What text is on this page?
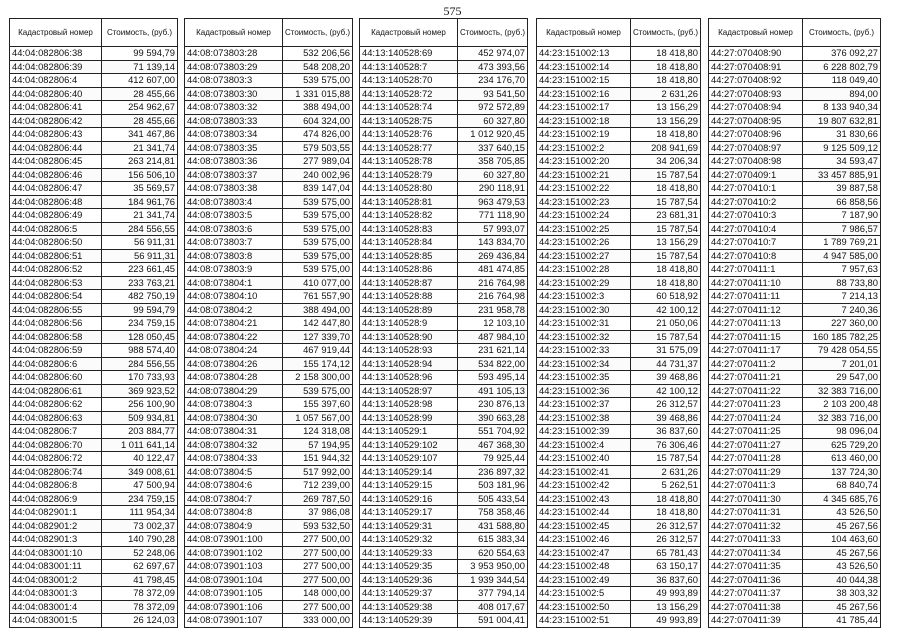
575
Кадастровый номер	Стоимость, (руб.)
44:04:082806:38	99 594,79
44:04:082806:39	71 139,14
44:04:082806:4	412 607,00
44:04:082806:40	28 455,66
44:04:082806:41	254 962,67
44:04:082806:42	28 455,66
44:04:082806:43	341 467,86
44:04:082806:44	21 341,74
44:04:082806:45	263 214,81
44:04:082806:46	156 506,10
44:04:082806:47	35 569,57
44:04:082806:48	184 961,76
44:04:082806:49	21 341,74
44:04:082806:5	284 556,55
44:04:082806:50	56 911,31
44:04:082806:51	56 911,31
44:04:082806:52	223 661,45
44:04:082806:53	233 763,21
44:04:082806:54	482 750,19
44:04:082806:55	99 594,79
44:04:082806:56	234 759,15
44:04:082806:58	128 050,45
44:04:082806:59	988 574,40
44:04:082806:6	284 556,55
44:04:082806:60	170 733,93
44:04:082806:61	369 923,52
44:04:082806:62	256 100,90
44:04:082806:63	509 934,81
44:04:082806:7	203 884,77
44:04:082806:70	1 011 641,14
44:04:082806:72	40 122,47
44:04:082806:74	349 008,61
44:04:082806:8	47 500,94
44:04:082806:9	234 759,15
44:04:082901:1	111 954,34
44:04:082901:2	73 002,37
44:04:082901:3	140 790,28
44:04:083001:10	52 248,06
44:04:083001:11	62 697,67
44:04:083001:2	41 798,45
44:04:083001:3	78 372,09
44:04:083001:4	78 372,09
44:04:083001:5	26 124,03
Кадастровый номер	Стоимость, (руб.)
44:08:073803:28	532 206,56
44:08:073803:29	548 208,20
44:08:073803:3	539 575,00
44:08:073803:30	1 331 015,88
44:08:073803:32	388 494,00
44:08:073803:33	604 324,00
44:08:073803:34	474 826,00
44:08:073803:35	579 503,55
44:08:073803:36	277 989,04
44:08:073803:37	240 002,96
44:08:073803:38	839 147,04
44:08:073803:4	539 575,00
44:08:073803:5	539 575,00
44:08:073803:6	539 575,00
44:08:073803:7	539 575,00
44:08:073803:8	539 575,00
44:08:073803:9	539 575,00
44:08:073804:1	410 077,00
44:08:073804:10	761 557,90
44:08:073804:2	388 494,00
44:08:073804:21	142 447,80
44:08:073804:22	127 339,70
44:08:073804:24	467 919,44
44:08:073804:26	155 174,12
44:08:073804:28	2 158 300,00
44:08:073804:29	539 575,00
44:08:073804:3	155 397,60
44:08:073804:30	1 057 567,00
44:08:073804:31	124 318,08
44:08:073804:32	57 194,95
44:08:073804:33	151 944,32
44:08:073804:5	517 992,00
44:08:073804:6	712 239,00
44:08:073804:7	269 787,50
44:08:073804:8	37 986,08
44:08:073804:9	593 532,50
44:08:073901:100	277 500,00
44:08:073901:102	277 500,00
44:08:073901:103	277 500,00
44:08:073901:104	277 500,00
44:08:073901:105	148 000,00
44:08:073901:106	277 500,00
44:08:073901:107	333 000,00
Кадастровый номер	Стоимость, (руб.)
44:13:140528:69	452 974,07
44:13:140528:7	473 393,56
44:13:140528:70	234 176,70
44:13:140528:72	93 541,50
44:13:140528:74	972 572,89
44:13:140528:75	60 327,80
44:13:140528:76	1 012 920,45
44:13:140528:77	337 640,15
44:13:140528:78	358 705,85
44:13:140528:79	60 327,80
44:13:140528:80	290 118,91
44:13:140528:81	963 479,53
44:13:140528:82	771 118,90
44:13:140528:83	57 993,07
44:13:140528:84	143 834,70
44:13:140528:85	269 436,84
44:13:140528:86	481 474,85
44:13:140528:87	216 764,98
44:13:140528:88	216 764,98
44:13:140528:89	231 958,78
44:13:140528:9	12 103,10
44:13:140528:90	487 984,10
44:13:140528:93	231 621,14
44:13:140528:94	534 822,00
44:13:140528:96	593 495,14
44:13:140528:97	491 105,13
44:13:140528:98	230 876,13
44:13:140528:99	390 663,28
44:13:140529:1	551 704,92
44:13:140529:102	467 368,30
44:13:140529:107	79 925,44
44:13:140529:14	236 897,32
44:13:140529:15	503 181,96
44:13:140529:16	505 433,54
44:13:140529:17	758 358,46
44:13:140529:31	431 588,80
44:13:140529:32	615 383,34
44:13:140529:33	620 554,63
44:13:140529:35	3 953 950,00
44:13:140529:36	1 939 344,54
44:13:140529:37	377 794,14
44:13:140529:38	408 017,67
44:13:140529:39	591 004,41
Кадастровый номер	Стоимость, (руб.)
44:23:151002:13	18 418,80
44:23:151002:14	18 418,80
44:23:151002:15	18 418,80
44:23:151002:16	2 631,26
44:23:151002:17	13 156,29
44:23:151002:18	13 156,29
44:23:151002:19	18 418,80
44:23:151002:2	208 941,69
44:23:151002:20	34 206,34
44:23:151002:21	15 787,54
44:23:151002:22	18 418,80
44:23:151002:23	15 787,54
44:23:151002:24	23 681,31
44:23:151002:25	15 787,54
44:23:151002:26	13 156,29
44:23:151002:27	15 787,54
44:23:151002:28	18 418,80
44:23:151002:29	18 418,80
44:23:151002:3	60 518,92
44:23:151002:30	42 100,12
44:23:151002:31	21 050,06
44:23:151002:32	15 787,54
44:23:151002:33	31 575,09
44:23:151002:34	44 731,37
44:23:151002:35	39 468,86
44:23:151002:36	42 100,12
44:23:151002:37	26 312,57
44:23:151002:38	39 468,86
44:23:151002:39	36 837,60
44:23:151002:4	76 306,46
44:23:151002:40	15 787,54
44:23:151002:41	2 631,26
44:23:151002:42	5 262,51
44:23:151002:43	18 418,80
44:23:151002:44	18 418,80
44:23:151002:45	26 312,57
44:23:151002:46	26 312,57
44:23:151002:47	65 781,43
44:23:151002:48	63 150,17
44:23:151002:49	36 837,60
44:23:151002:5	49 993,89
44:23:151002:50	13 156,29
44:23:151002:51	49 993,89
Кадастровый номер	Стоимость, (руб.)
44:27:070408:90	376 092,27
44:27:070408:91	6 228 802,79
44:27:070408:92	118 049,40
44:27:070408:93	894,00
44:27:070408:94	8 133 940,34
44:27:070408:95	19 807 632,81
44:27:070408:96	31 830,66
44:27:070408:97	9 125 509,12
44:27:070408:98	34 593,47
44:27:070409:1	33 457 885,91
44:27:070410:1	39 887,58
44:27:070410:2	66 858,56
44:27:070410:3	7 187,90
44:27:070410:4	7 986,57
44:27:070410:7	1 789 769,21
44:27:070410:8	4 947 585,00
44:27:070411:1	7 957,63
44:27:070411:10	88 733,80
44:27:070411:11	7 214,13
44:27:070411:12	7 240,36
44:27:070411:13	227 360,00
44:27:070411:15	160 185 782,25
44:27:070411:17	79 428 054,55
44:27:070411:2	7 201,01
44:27:070411:21	29 547,00
44:27:070411:22	32 383 716,00
44:27:070411:23	2 103 200,48
44:27:070411:24	32 383 716,00
44:27:070411:25	98 096,04
44:27:070411:27	625 729,20
44:27:070411:28	613 460,00
44:27:070411:29	137 724,30
44:27:070411:3	68 840,74
44:27:070411:30	4 345 685,76
44:27:070411:31	43 526,50
44:27:070411:32	45 267,56
44:27:070411:33	104 463,60
44:27:070411:34	45 267,56
44:27:070411:35	43 526,50
44:27:070411:36	40 044,38
44:27:070411:37	38 303,32
44:27:070411:38	45 267,56
44:27:070411:39	41 785,44
